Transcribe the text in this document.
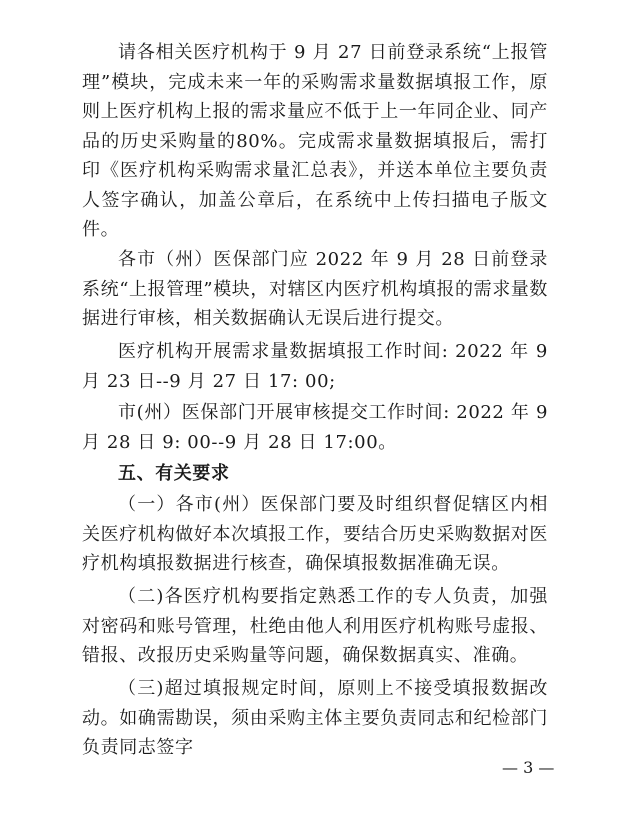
请各相关医疗机构于 9 月 27 日前登录系统“上报管理”模块，完成未来一年的采购需求量数据填报工作，原则上医疗机构上报的需求量应不低于上一年同企业、同产品的历史采购量的80%。完成需求量数据填报后，需打印《医疗机构采购需求量汇总表》，并送本单位主要负责人签字确认，加盖公章后，在系统中上传扫描电子版文件。

各市（州）医保部门应 2022 年 9 月 28 日前登录系统“上报管理”模块，对辖区内医疗机构填报的需求量数据进行审核，相关数据确认无误后进行提交。

医疗机构开展需求量数据填报工作时间: 2022 年 9 月 23 日--9 月 27 日 17: 00;

市(州）医保部门开展审核提交工作时间: 2022 年 9 月 28 日 9: 00--9 月 28 日 17:00。

五、有关要求

（一）各市(州）医保部门要及时组织督促辖区内相关医疗机构做好本次填报工作，要结合历史采购数据对医疗机构填报数据进行核查，确保填报数据准确无误。

（二)各医疗机构要指定熟悉工作的专人负责，加强对密码和账号管理，杜绝由他人利用医疗机构账号虚报、错报、改报历史采购量等问题，确保数据真实、准确。

（三)超过填报规定时间，原则上不接受填报数据改动。如确需勘误，须由采购主体主要负责同志和纪检部门负责同志签字

— 3 —
